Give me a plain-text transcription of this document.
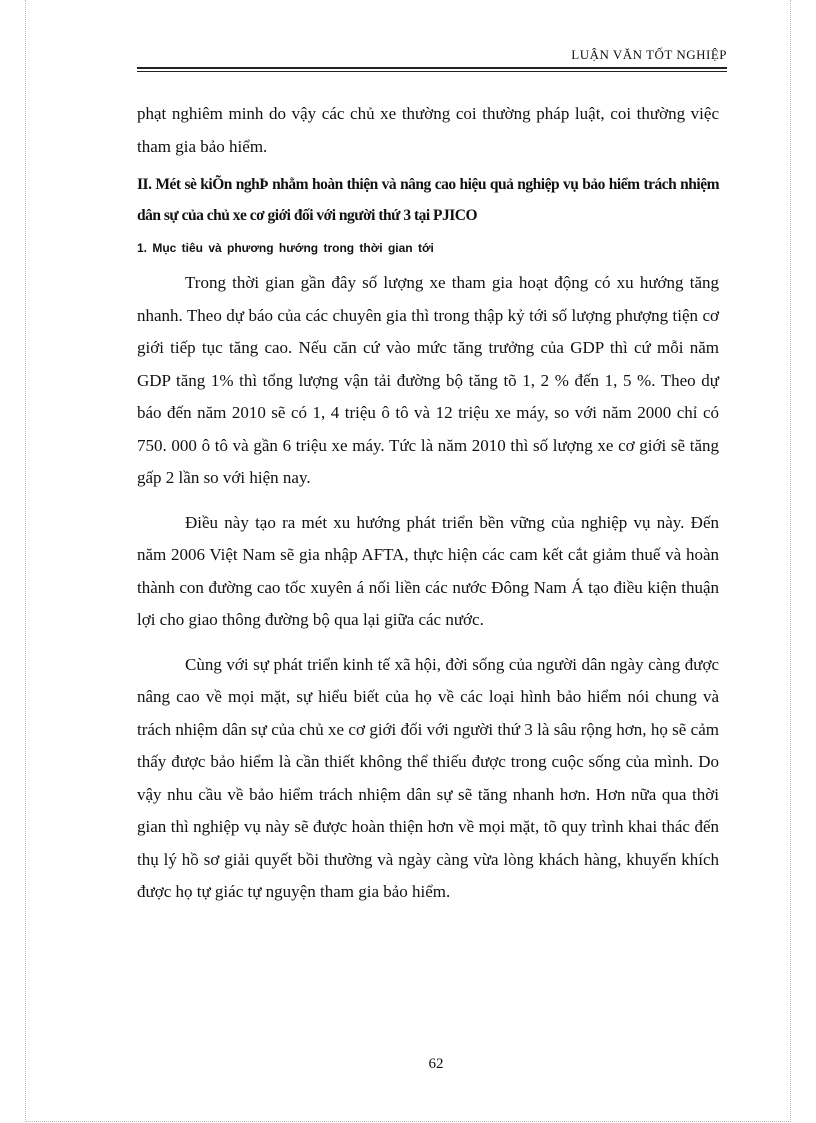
LUẬN VĂN TỐT NGHIỆP

phạt nghiêm minh do vậy các chủ xe thường coi thường pháp luật, coi thường việc tham gia bảo hiểm.

II. Mét sè kiÕn nghÞ nhằm hoàn thiện và nâng cao hiệu quả nghiệp vụ bảo hiểm trách nhiệm dân sự của chủ xe cơ giới đối với người thứ 3 tại PJICO
1. Mục tiêu và phương hướng trong thời gian tới

Trong thời gian gần đây số lượng xe tham gia hoạt động có xu hướng tăng nhanh. Theo dự báo của các chuyên gia thì trong thập kỷ tới số lượng phượng tiện cơ giới tiếp tục tăng cao. Nếu căn cứ vào mức tăng trưởng của GDP thì cứ mỗi năm GDP tăng 1% thì tổng lượng vận tải đường bộ tăng tõ 1, 2 % đến 1, 5 %. Theo dự báo đến năm 2010 sẽ có 1, 4 triệu ô tô và 12 triệu xe máy, so với năm 2000 chỉ có 750. 000 ô tô và gần 6 triệu xe máy. Tức là năm 2010 thì số lượng xe cơ giới sẽ tăng gấp 2 lần so với hiện nay.

Điều này tạo ra mét xu hướng phát triển bền vững của nghiệp vụ này. Đến năm 2006 Việt Nam sẽ gia nhập AFTA, thực hiện các cam kết cắt giảm thuế và hoàn thành con đường cao tốc xuyên á nối liền các nước Đông Nam Á tạo điều kiện thuận lợi cho giao thông đường bộ qua lại giữa các nước.

Cùng với sự phát triển kinh tế xã hội, đời sống của người dân ngày càng được nâng cao về mọi mặt, sự hiểu biết của họ về các loại hình bảo hiểm nói chung và trách nhiệm dân sự của chủ xe cơ giới đối với người thứ 3 là sâu rộng hơn, họ sẽ cảm thấy được bảo hiểm là cần thiết không thể thiếu được trong cuộc sống của mình. Do vậy nhu cầu về bảo hiểm trách nhiệm dân sự sẽ tăng nhanh hơn. Hơn nữa qua thời gian thì nghiệp vụ này sẽ được hoàn thiện hơn về mọi mặt, tõ quy trình khai thác đến thụ lý hồ sơ giải quyết bồi thường và ngày càng vừa lòng khách hàng, khuyến khích được họ tự giác tự nguyện tham gia bảo hiểm.

62
